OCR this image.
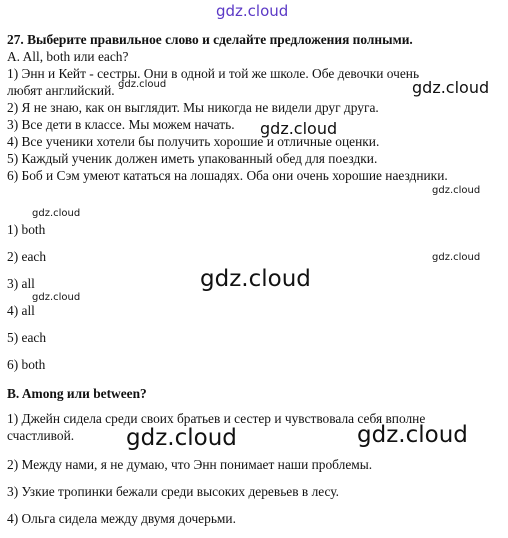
gdz.cloud
27. Выберите правильное слово и сделайте предложения полными.
A. All, both или each?
1) Энн и Кейт - сестры. Они в одной и той же школе. Обе девочки очень
любят английский.
2) Я не знаю, как он выглядит. Мы никогда не видели друг друга.
3) Все дети в классе. Мы можем начать.
4) Все ученики хотели бы получить хорошие и отличные оценки.
5) Каждый ученик должен иметь упакованный обед для поездки.
6) Боб и Сэм умеют кататься на лошадях. Оба они очень хорошие наездники.
gdz.cloud	gdz.cloud
gdz.cloud
gdz.cloud
gdz.cloud
1) both
2) each	gdz.cloud
gdz.cloud
3) all
gdz.cloud
4) all
5) each
6) both
B. Among или between?
1) Джейн сидела среди своих братьев и сестер и чувствовала себя вполне
счастливой. gdz.cloud	gdz.cloud
2) Между нами, я не думаю, что Энн понимает наши проблемы.
3) Узкие тропинки бежали среди высоких деревьев в лесу.
4) Ольга сидела между двумя дочерьми.
